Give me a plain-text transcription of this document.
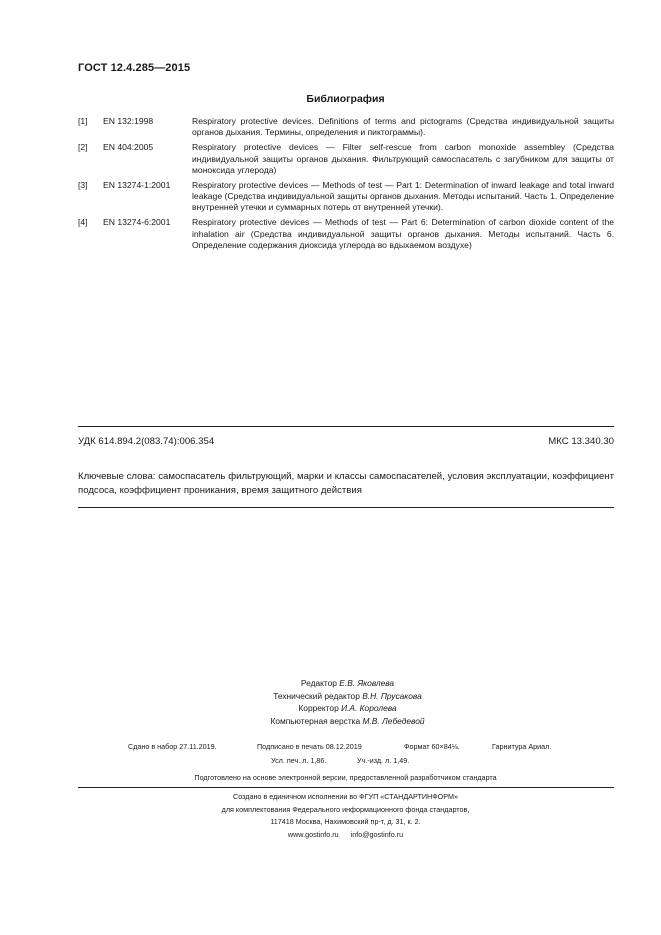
ГОСТ 12.4.285—2015
Библиография
[1]	EN 132:1998	Respiratory protective devices. Definitions of terms and pictograms (Средства индивидуальной защиты органов дыхания. Термины, определения и пиктограммы).
[2]	EN 404:2005	Respiratory protective devices — Filter self-rescue from carbon monoxide assembley (Средства индивидуальной защиты органов дыхания. Фильтрующий самоспасатель с загубником для защиты от моноксида углерода)
[3]	EN 13274-1:2001	Respiratory protective devices — Methods of test — Part 1: Determination of inward leakage and total inward leakage (Средства индивидуальной защиты органов дыхания. Методы испытаний. Часть 1. Определение внутренней утечки и суммарных потерь от внутренней утечки).
[4]	EN 13274-6:2001	Respiratory protective devices — Methods of test — Part 6: Determination of carbon dioxide content of the inhalation air (Средства индивидуальной защиты органов дыхания. Методы испытаний. Часть 6. Определение содержания диоксида углерода во вдыхаемом воздухе)
УДК 614.894.2(083.74):006.354	МКС 13.340.30
Ключевые слова: самоспасатель фильтрующий, марки и классы самоспасателей, условия эксплуатации, коэффициент подсоса, коэффициент проникания, время защитного действия
Редактор Е.В. Яковлева
Технический редактор В.Н. Прусакова
Корректор И.А. Королева
Компьютерная верстка М.В. Лебедевой
Сдано в набор 27.11.2019.	Подписано в печать 08.12.2019	Формат 60×84⅛.	Гарнитура Ариал.
Усл. печ. л. 1,86.	Уч.-изд. л. 1,49.
Подготовлено на основе электронной версии, предоставленной разработчиком стандарта
Создано в единичном исполнении во ФГУП «СТАНДАРТИНФОРМ»
для комплектования Федерального информационного фонда стандартов,
117418 Москва, Нахимовский пр-т, д. 31, к. 2.
www.gostinfo.ru info@gostinfo.ru
